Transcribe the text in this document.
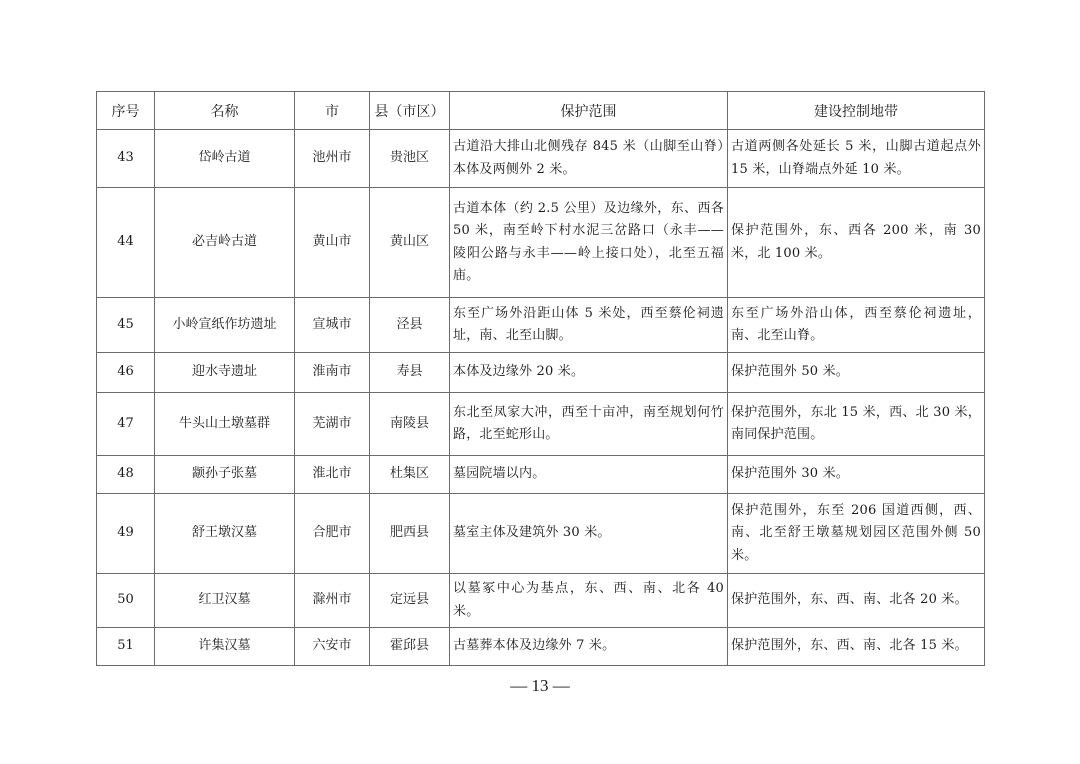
序号	名称	市	县（市区）	保护范围	建设控制地带
43	岱岭古道	池州市	贵池区	古道沿大排山北侧残存 845 米（山脚至山脊）本体及两侧外 2 米。	古道两侧各处延长 5 米，山脚古道起点外 15 米，山脊端点外延 10 米。
44	必吉岭古道	黄山市	黄山区	古道本体（约 2.5 公里）及边缘外，东、西各 50 米，南至岭下村水泥三岔路口（永丰——陵阳公路与永丰——岭上接口处），北至五福庙。	保护范围外，东、西各 200 米，南 30 米，北 100 米。
45	小岭宣纸作坊遗址	宣城市	泾县	东至广场外沿距山体 5 米处，西至蔡伦祠遗址，南、北至山脚。	东至广场外沿山体，西至蔡伦祠遗址，南、北至山脊。
46	迎水寺遗址	淮南市	寿县	本体及边缘外 20 米。	保护范围外 50 米。
47	牛头山土墩墓群	芜湖市	南陵县	东北至凤家大冲，西至十亩冲，南至规划何竹路，北至蛇形山。	保护范围外，东北 15 米，西、北 30 米，南同保护范围。
48	颛孙子张墓	淮北市	杜集区	墓园院墙以内。	保护范围外 30 米。
49	舒王墩汉墓	合肥市	肥西县	墓室主体及建筑外 30 米。	保护范围外，东至 206 国道西侧，西、南、北至舒王墩墓规划园区范围外侧 50 米。
50	红卫汉墓	滁州市	定远县	以墓冢中心为基点，东、西、南、北各 40 米。	保护范围外，东、西、南、北各 20 米。
51	许集汉墓	六安市	霍邱县	古墓葬本体及边缘外 7 米。	保护范围外，东、西、南、北各 15 米。
— 13 —
